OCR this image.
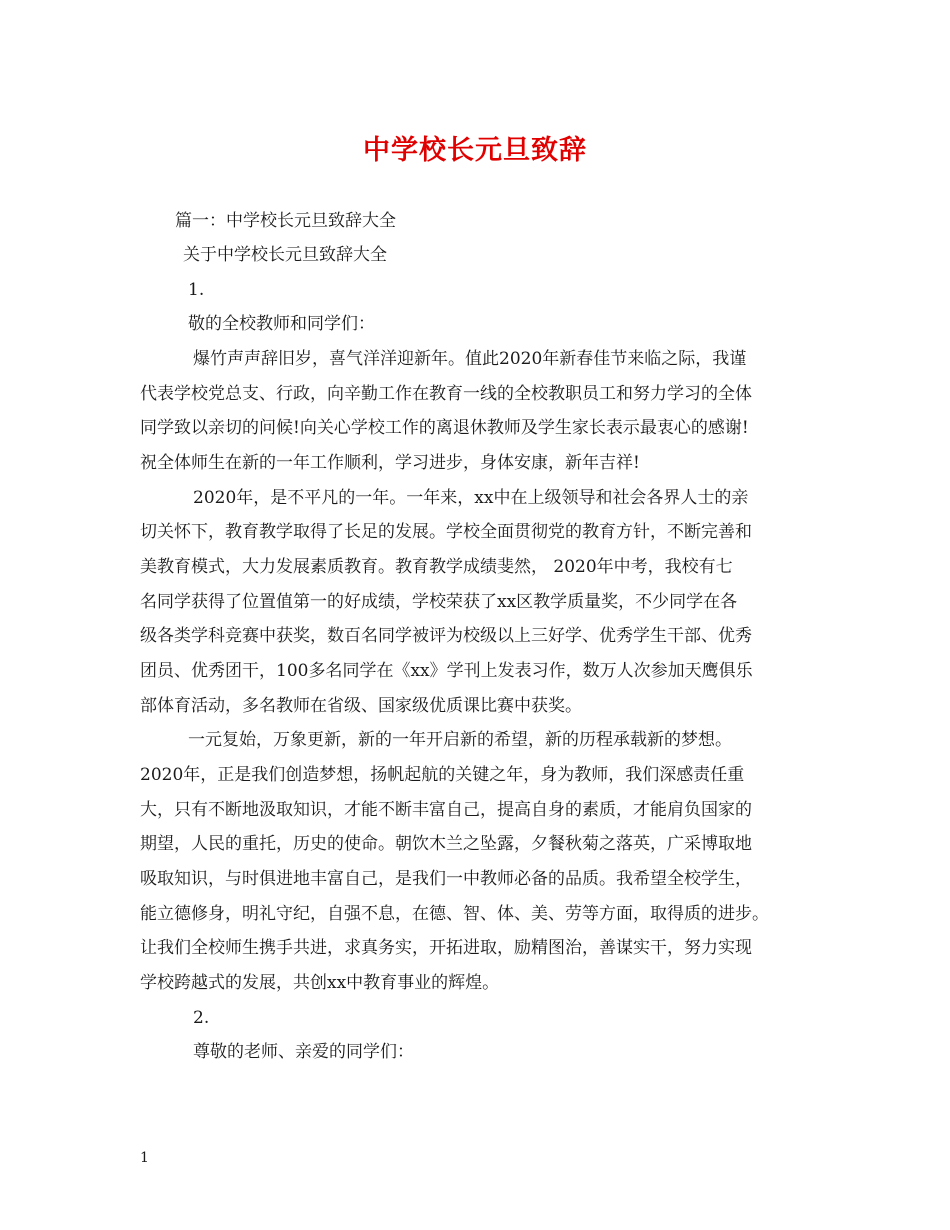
中学校长元旦致辞
篇一：中学校长元旦致辞大全
关于中学校长元旦致辞大全
1.
敬的全校教师和同学们：
爆竹声声辞旧岁，喜气洋洋迎新年。值此2020年新春佳节来临之际，我谨
代表学校党总支、行政，向辛勤工作在教育一线的全校教职员工和努力学习的全体
同学致以亲切的问候!向关心学校工作的离退休教师及学生家长表示最衷心的感谢!
祝全体师生在新的一年工作顺利，学习进步，身体安康，新年吉祥!
2020年，是不平凡的一年。一年来，xx中在上级领导和社会各界人士的亲
切关怀下，教育教学取得了长足的发展。学校全面贯彻党的教育方针，不断完善和
美教育模式，大力发展素质教育。教育教学成绩斐然， 2020年中考，我校有七
名同学获得了位置值第一的好成绩，学校荣获了xx区教学质量奖，不少同学在各
级各类学科竞赛中获奖，数百名同学被评为校级以上三好学、优秀学生干部、优秀
团员、优秀团干，100多名同学在《xx》学刊上发表习作，数万人次参加天鹰俱乐
部体育活动，多名教师在省级、国家级优质课比赛中获奖。
一元复始，万象更新，新的一年开启新的希望，新的历程承载新的梦想。
2020年，正是我们创造梦想，扬帆起航的关键之年，身为教师，我们深感责任重
大，只有不断地汲取知识，才能不断丰富自己，提高自身的素质，才能肩负国家的
期望，人民的重托，历史的使命。朝饮木兰之坠露，夕餐秋菊之落英，广采博取地
吸取知识，与时俱进地丰富自己，是我们一中教师必备的品质。我希望全校学生，
能立德修身，明礼守纪，自强不息，在德、智、体、美、劳等方面，取得质的进步。
让我们全校师生携手共进，求真务实，开拓进取，励精图治，善谋实干，努力实现
学校跨越式的发展，共创xx中教育事业的辉煌。
2.
尊敬的老师、亲爱的同学们：
1
